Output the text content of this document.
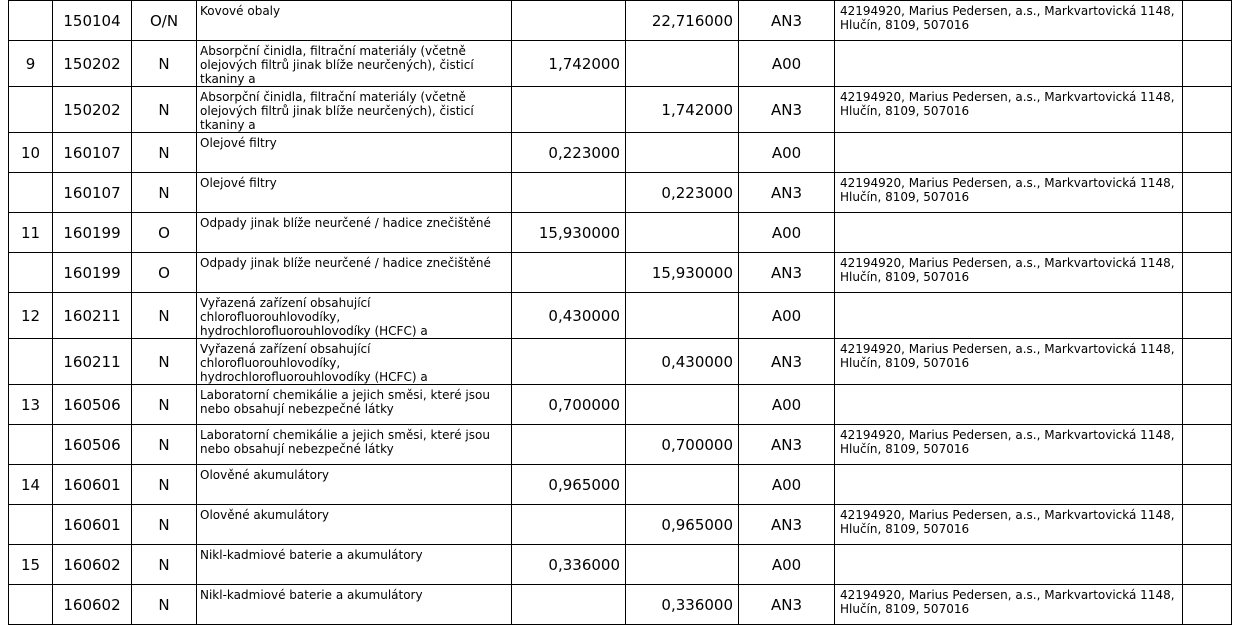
	150104	O/N	Kovové obaly		22,716000	AN3	42194920, Marius Pedersen, a.s., Markvartovická 1148, Hlučín, 8109, 507016	
9	150202	N	Absorpční činidla, filtrační materiály (včetně olejových filtrů jinak blíže neurčených), čisticí tkaniny a	1,742000		A00		
	150202	N	Absorpční činidla, filtrační materiály (včetně olejových filtrů jinak blíže neurčených), čisticí tkaniny a		1,742000	AN3	42194920, Marius Pedersen, a.s., Markvartovická 1148, Hlučín, 8109, 507016	
10	160107	N	Olejové filtry	0,223000		A00		
	160107	N	Olejové filtry		0,223000	AN3	42194920, Marius Pedersen, a.s., Markvartovická 1148, Hlučín, 8109, 507016	
11	160199	O	Odpady jinak blíže neurčené / hadice znečištěné	15,930000		A00		
	160199	O	Odpady jinak blíže neurčené / hadice znečištěné		15,930000	AN3	42194920, Marius Pedersen, a.s., Markvartovická 1148, Hlučín, 8109, 507016	
12	160211	N	Vyřazená zařízení obsahující chlorofluorouhlovodíky, hydrochlorofluorouhlovodíky (HCFC) a	0,430000		A00		
	160211	N	Vyřazená zařízení obsahující chlorofluorouhlovodíky, hydrochlorofluorouhlovodíky (HCFC) a		0,430000	AN3	42194920, Marius Pedersen, a.s., Markvartovická 1148, Hlučín, 8109, 507016	
13	160506	N	Laboratorní chemikálie a jejich směsi, které jsou nebo obsahují nebezpečné látky	0,700000		A00		
	160506	N	Laboratorní chemikálie a jejich směsi, které jsou nebo obsahují nebezpečné látky		0,700000	AN3	42194920, Marius Pedersen, a.s., Markvartovická 1148, Hlučín, 8109, 507016	
14	160601	N	Olověné akumulátory	0,965000		A00		
	160601	N	Olověné akumulátory		0,965000	AN3	42194920, Marius Pedersen, a.s., Markvartovická 1148, Hlučín, 8109, 507016	
15	160602	N	Nikl-kadmiové baterie a akumulátory	0,336000		A00		
	160602	N	Nikl-kadmiové baterie a akumulátory		0,336000	AN3	42194920, Marius Pedersen, a.s., Markvartovická 1148, Hlučín, 8109, 507016	
